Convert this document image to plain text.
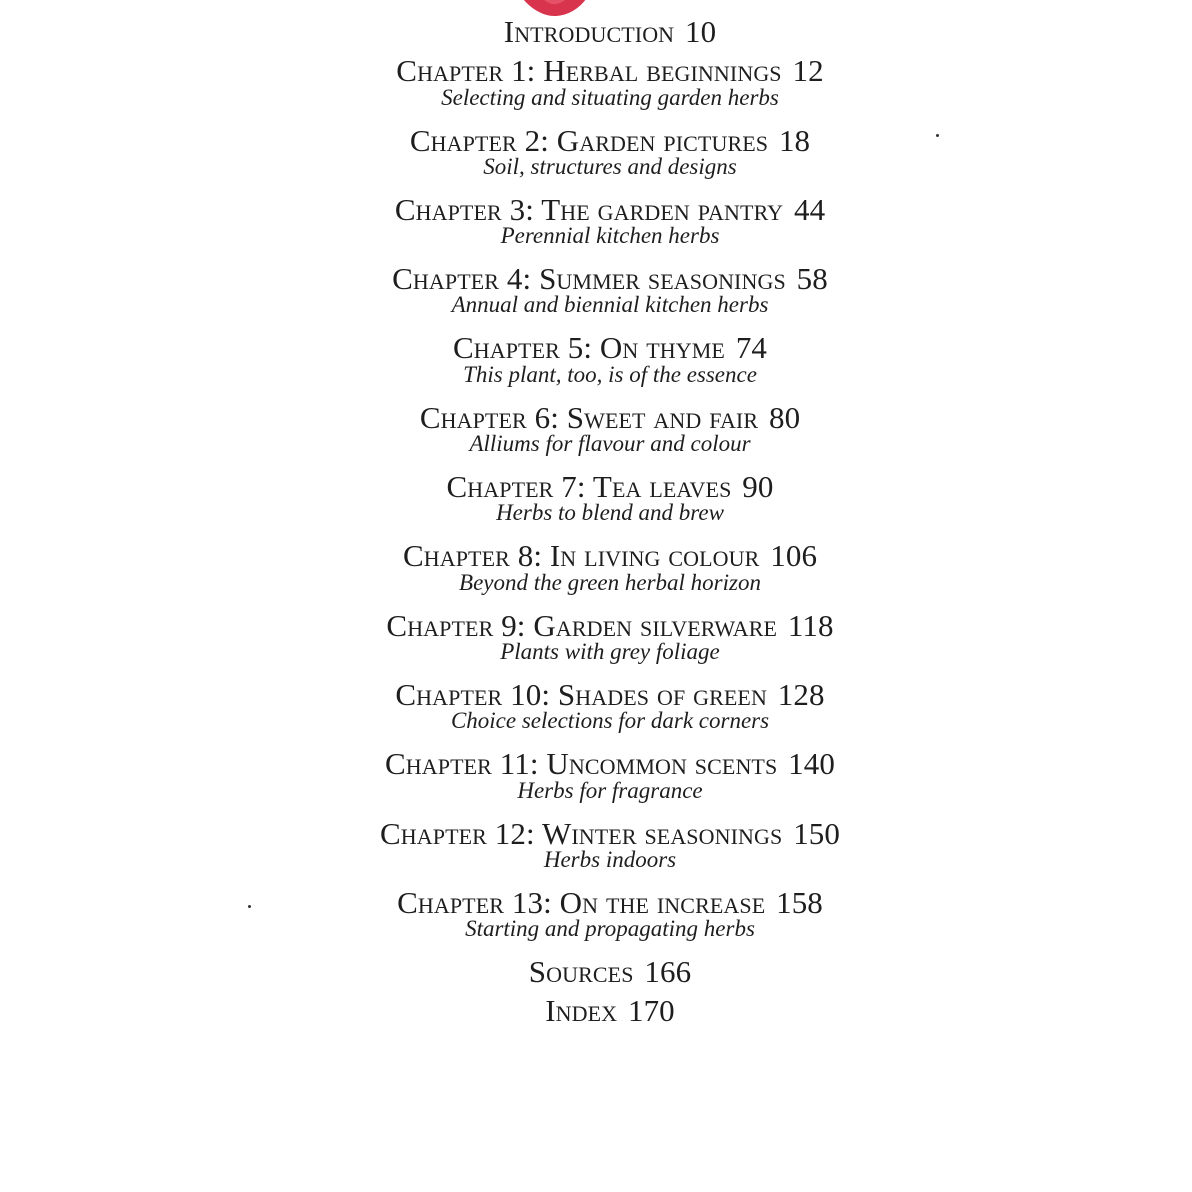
Introduction 10
Chapter 1: Herbal beginnings 12
Selecting and situating garden herbs
Chapter 2: Garden pictures 18
Soil, structures and designs
Chapter 3: The garden pantry 44
Perennial kitchen herbs
Chapter 4: Summer seasonings 58
Annual and biennial kitchen herbs
Chapter 5: On thyme 74
This plant, too, is of the essence
Chapter 6: Sweet and fair 80
Alliums for flavour and colour
Chapter 7: Tea leaves 90
Herbs to blend and brew
Chapter 8: In living colour 106
Beyond the green herbal horizon
Chapter 9: Garden silverware 118
Plants with grey foliage
Chapter 10: Shades of green 128
Choice selections for dark corners
Chapter 11: Uncommon scents 140
Herbs for fragrance
Chapter 12: Winter seasonings 150
Herbs indoors
Chapter 13: On the increase 158
Starting and propagating herbs
Sources 166
Index 170
